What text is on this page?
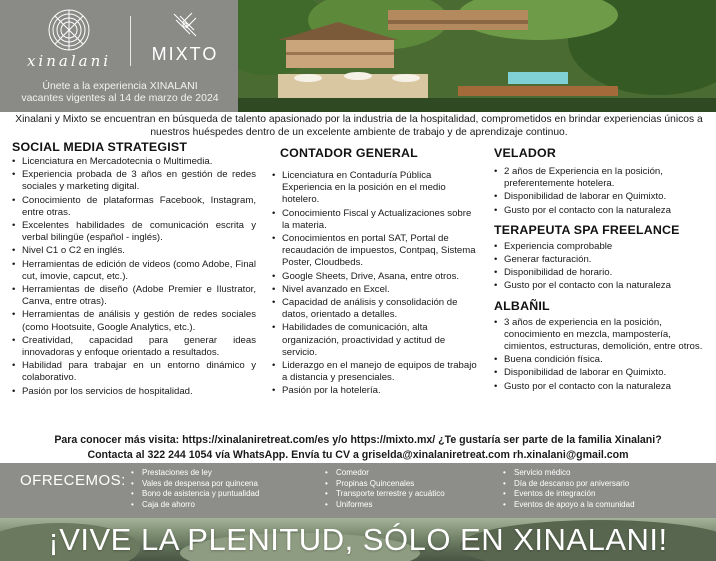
xinalani	MIXTO
Únete a la experiencia XINALANI
vacantes vigentes al 14 de marzo de 2024
Xinalani y Mixto se encuentran en búsqueda de talento apasionado por la industria de la hospitalidad, comprometidos en brindar experiencias únicos a nuestros huéspedes dentro de un excelente ambiente de trabajo y de aprendizaje continuo.
SOCIAL MEDIA STRATEGIST
• Licenciatura en Mercadotecnia o Multimedia.
• Experiencia probada de 3 años en gestión de redes sociales y marketing digital.
• Conocimiento de plataformas Facebook, Instagram, entre otras.
• Excelentes habilidades de comunicación escrita y verbal bilingüe (español - inglés).
• Nivel C1 o C2 en inglés.
• Herramientas de edición de videos (como Adobe, Final cut, imovie, capcut, etc.).
• Herramientas de diseño (Adobe Premier e Ilustrator, Canva, entre otras).
• Herramientas de análisis y gestión de redes sociales (como Hootsuite, Google Analytics, etc.).
• Creatividad, capacidad para generar ideas innovadoras y enfoque orientado a resultados.
• Habilidad para trabajar en un entorno dinámico y colaborativo.
• Pasión por los servicios de hospitalidad.
CONTADOR GENERAL
• Licenciatura en Contaduría Pública Experiencia en la posición en el medio hotelero.
• Conocimiento Fiscal y Actualizaciones sobre la materia.
• Conocimientos en portal SAT, Portal de recaudación de impuestos, Contpaq, Sistema Poster, Cloudbeds.
• Google Sheets, Drive, Asana, entre otros.
• Nivel avanzado en Excel.
• Capacidad de análisis y consolidación de datos, orientado a detalles.
• Habilidades de comunicación, alta organización, proactividad y actitud de servicio.
• Liderazgo en el manejo de equipos de trabajo a distancia y presenciales.
• Pasión por la hotelería.
VELADOR
• 2 años de Experiencia en la posición, preferentemente hotelera.
• Disponibilidad de laborar en Quimixto.
• Gusto por el contacto con la naturaleza
TERAPEUTA SPA FREELANCE
• Experiencia comprobable
• Generar facturación.
• Disponibilidad de horario.
• Gusto por el contacto con la naturaleza
ALBAÑIL
• 3 años de experiencia en la posición, conocimiento en mezcla, mampostería, cimientos, estructuras, demolición, entre otros.
• Buena condición física.
• Disponibilidad de laborar en Quimixto.
• Gusto por el contacto con la naturaleza
Para conocer más visita: https://xinalaniretreat.com/es y/o https://mixto.mx/ ¿Te gustaría ser parte de la familia Xinalani?
Contacta al 322 244 1054 vía WhatsApp. Envía tu CV a griselda@xinalaniretreat.com rh.xinalani@gmail.com
OFRECEMOS:
•	Prestaciones de ley
• Vales de despensa por quincena
• Bono de asistencia y puntualidad
• Caja de ahorro
• Comedor
• Propinas Quincenales
• Transporte terrestre y acuático
• Uniformes
• Servicio médico
• Día de descanso por aniversario
• Eventos de integración
• Eventos de apoyo a la comunidad
¡VIVE LA PLENITUD, SÓLO EN XINALANI!
